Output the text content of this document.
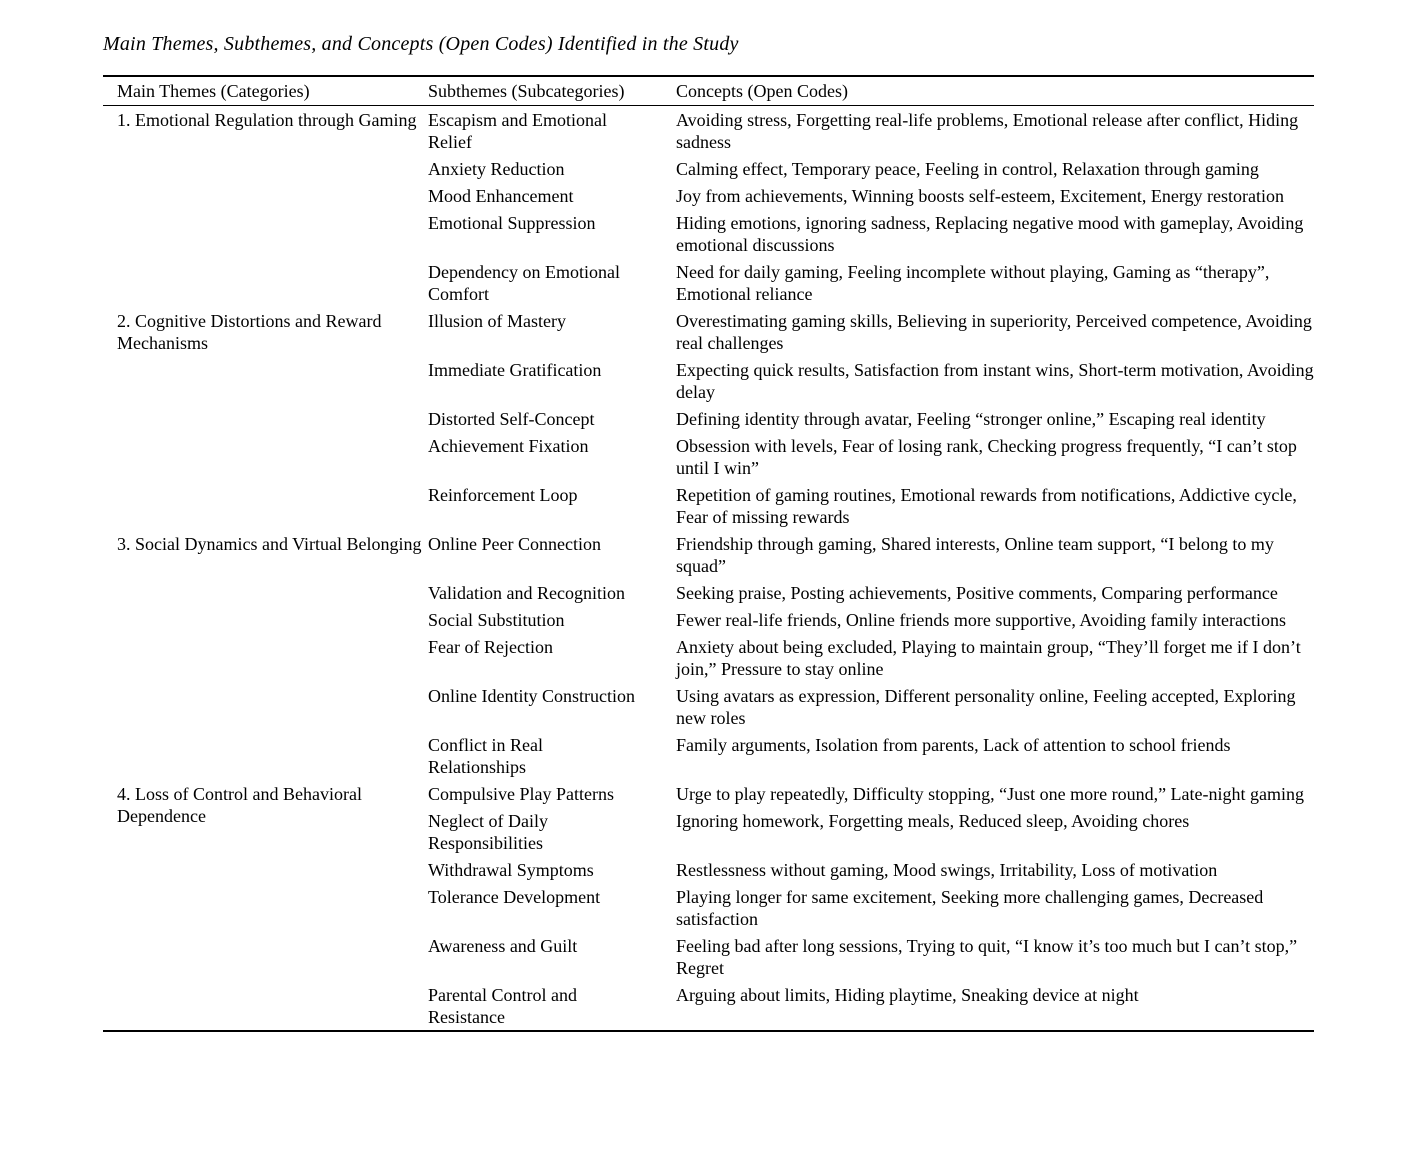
Main Themes, Subthemes, and Concepts (Open Codes) Identified in the Study
Main Themes (Categories)	Subthemes (Subcategories)	Concepts (Open Codes)
1. Emotional Regulation through Gaming	Escapism and Emotional Relief	Avoiding stress, Forgetting real-life problems, Emotional release after conflict, Hiding sadness
	Anxiety Reduction	Calming effect, Temporary peace, Feeling in control, Relaxation through gaming
	Mood Enhancement	Joy from achievements, Winning boosts self-esteem, Excitement, Energy restoration
	Emotional Suppression	Hiding emotions, ignoring sadness, Replacing negative mood with gameplay, Avoiding emotional discussions
	Dependency on Emotional Comfort	Need for daily gaming, Feeling incomplete without playing, Gaming as “therapy”, Emotional reliance
2. Cognitive Distortions and Reward Mechanisms	Illusion of Mastery	Overestimating gaming skills, Believing in superiority, Perceived competence, Avoiding real challenges
	Immediate Gratification	Expecting quick results, Satisfaction from instant wins, Short-term motivation, Avoiding delay
	Distorted Self-Concept	Defining identity through avatar, Feeling “stronger online,” Escaping real identity
	Achievement Fixation	Obsession with levels, Fear of losing rank, Checking progress frequently, “I can’t stop until I win”
	Reinforcement Loop	Repetition of gaming routines, Emotional rewards from notifications, Addictive cycle, Fear of missing rewards
3. Social Dynamics and Virtual Belonging	Online Peer Connection	Friendship through gaming, Shared interests, Online team support, “I belong to my squad”
	Validation and Recognition	Seeking praise, Posting achievements, Positive comments, Comparing performance
	Social Substitution	Fewer real-life friends, Online friends more supportive, Avoiding family interactions
	Fear of Rejection	Anxiety about being excluded, Playing to maintain group, “They’ll forget me if I don’t join,” Pressure to stay online
	Online Identity Construction	Using avatars as expression, Different personality online, Feeling accepted, Exploring new roles
	Conflict in Real Relationships	Family arguments, Isolation from parents, Lack of attention to school friends
4. Loss of Control and Behavioral Dependence	Compulsive Play Patterns	Urge to play repeatedly, Difficulty stopping, “Just one more round,” Late-night gaming
	Neglect of Daily Responsibilities	Ignoring homework, Forgetting meals, Reduced sleep, Avoiding chores
	Withdrawal Symptoms	Restlessness without gaming, Mood swings, Irritability, Loss of motivation
	Tolerance Development	Playing longer for same excitement, Seeking more challenging games, Decreased satisfaction
	Awareness and Guilt	Feeling bad after long sessions, Trying to quit, “I know it’s too much but I can’t stop,” Regret
	Parental Control and Resistance	Arguing about limits, Hiding playtime, Sneaking device at night
